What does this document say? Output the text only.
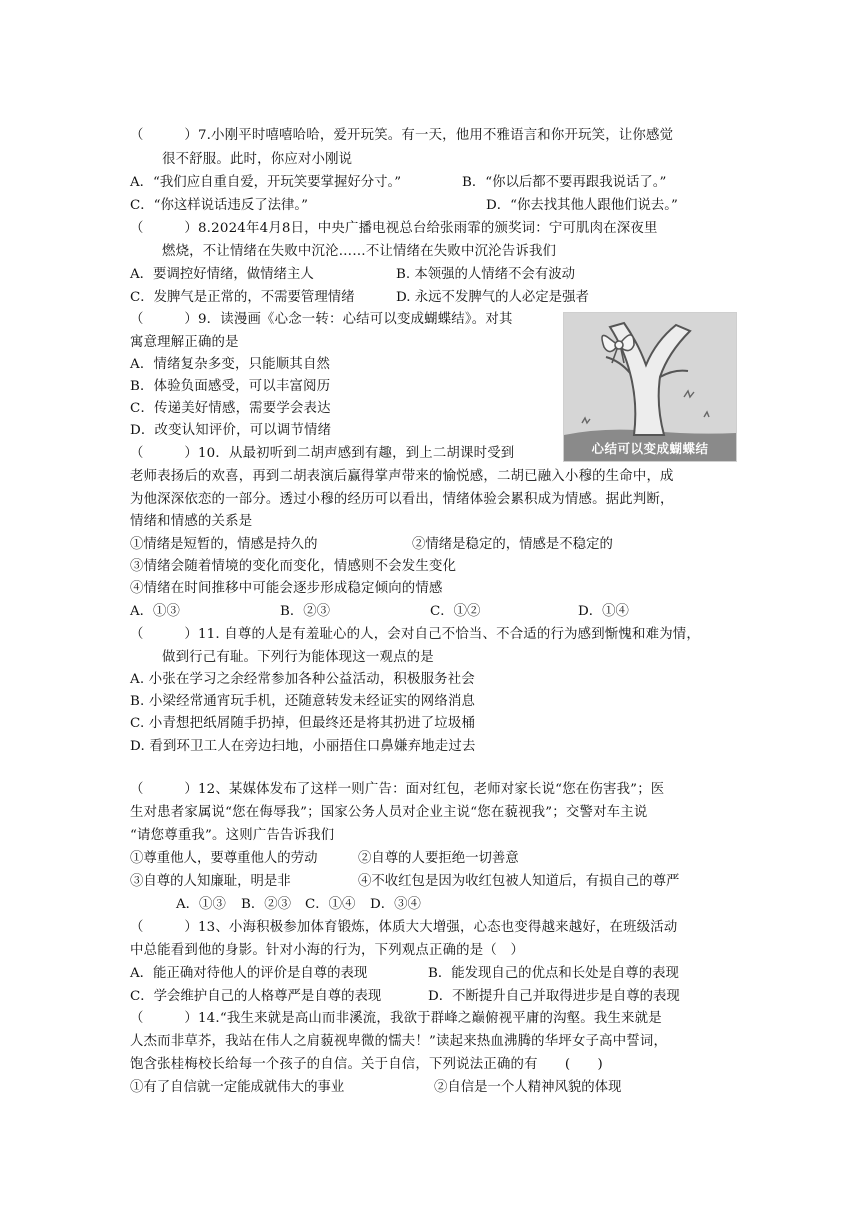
（　　　）7.小刚平时嘻嘻哈哈，爱开玩笑。有一天，他用不雅语言和你开玩笑，让你感觉
很不舒服。此时，你应对小刚说
A．“我们应自重自爱，开玩笑要掌握好分寸。”	B．“你以后都不要再跟我说话了。”
C．“你这样说话违反了法律。”	D．“你去找其他人跟他们说去。”
（　　　）8.2024年4月8日，中央广播电视总台给张雨霏的颁奖词：宁可肌肉在深夜里
燃烧，不让情绪在失败中沉沦……不让情绪在失败中沉沦告诉我们
A．要调控好情绪，做情绪主人	B. 本领强的人情绪不会有波动
C．发脾气是正常的，不需要管理情绪	D. 永远不发脾气的人必定是强者
（　　　）9．读漫画《心念一转：心结可以变成蝴蝶结》。对其
寓意理解正确的是
A．情绪复杂多变，只能顺其自然
B．体验负面感受，可以丰富阅历
C．传递美好情感，需要学会表达
D．改变认知评价，可以调节情绪
心结可以变成蝴蝶结
（　　　）10．从最初听到二胡声感到有趣，到上二胡课时受到
老师表扬后的欢喜，再到二胡表演后赢得掌声带来的愉悦感，二胡已融入小穆的生命中，成
为他深深依恋的一部分。透过小穆的经历可以看出，情绪体验会累积成为情感。据此判断，
情绪和情感的关系是
①情绪是短暂的，情感是持久的	②情绪是稳定的，情感是不稳定的
③情绪会随着情境的变化而变化，情感则不会发生变化
④情绪在时间推移中可能会逐步形成稳定倾向的情感
A．①③	B．②③	C．①②	D．①④
（　　　）11. 自尊的人是有羞耻心的人，会对自己不恰当、不合适的行为感到惭愧和难为情，
做到行己有耻。下列行为能体现这一观点的是
A. 小张在学习之余经常参加各种公益活动，积极服务社会
B. 小梁经常通宵玩手机，还随意转发未经证实的网络消息
C. 小青想把纸屑随手扔掉，但最终还是将其扔进了垃圾桶
D. 看到环卫工人在旁边扫地，小丽捂住口鼻嫌弃地走过去
（　　　）12、某媒体发布了这样一则广告：面对红包，老师对家长说“您在伤害我”；医
生对患者家属说“您在侮辱我”；国家公务人员对企业主说“您在藐视我”；交警对车主说
“请您尊重我”。这则广告告诉我们
①尊重他人，要尊重他人的劳动	②自尊的人要拒绝一切善意
③自尊的人知廉耻，明是非	④不收红包是因为收红包被人知道后，有损自己的尊严
A．①③ B．②③ C．①④ D．③④
（　　　）13、小海积极参加体育锻炼，体质大大增强，心态也变得越来越好，在班级活动
中总能看到他的身影。针对小海的行为，下列观点正确的是（　）
A．能正确对待他人的评价是自尊的表现	B．能发现自己的优点和长处是自尊的表现
C．学会维护自己的人格尊严是自尊的表现	D．不断提升自己并取得进步是自尊的表现
（　　　）14.“我生来就是高山而非溪流，我欲于群峰之巅俯视平庸的沟壑。我生来就是
人杰而非草芥，我站在伟人之肩藐视卑微的懦夫！”读起来热血沸腾的华坪女子高中誓词，
饱含张桂梅校长给每一个孩子的自信。关于自信，下列说法正确的有　　(　　)
①有了自信就一定能成就伟大的事业	②自信是一个人精神风貌的体现
